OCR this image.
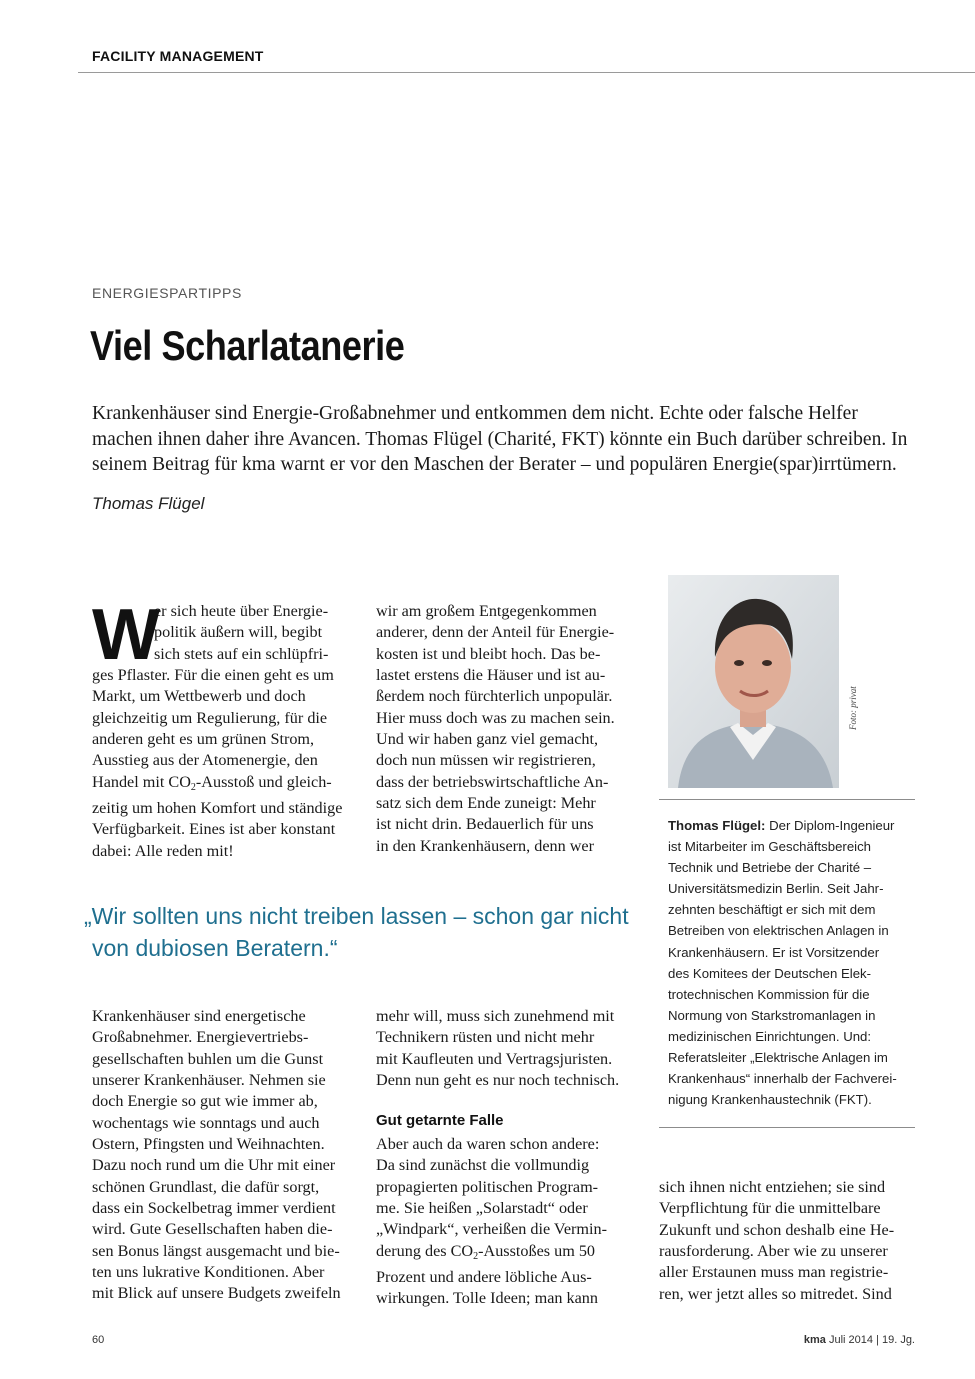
FACILITY MANAGEMENT
ENERGIESPARTIPPS
Viel Scharlatanerie
Krankenhäuser sind Energie-Großabnehmer und entkommen dem nicht. Echte oder falsche Helfer machen ihnen daher ihre Avancen. Thomas Flügel (Charité, FKT) könnte ein Buch darüber schreiben. In seinem Beitrag für kma warnt er vor den Maschen der Berater – und populären Energie(spar)irrtümern.
Thomas Flügel
W

er sich heute über Energie-

politik äußern will, begibt

sich stets auf ein schlüpfri-

ges Pflaster. Für die einen geht es um

Markt, um Wettbewerb und doch

gleichzeitig um Regulierung, für die

anderen geht es um grünen Strom,

Ausstieg aus der Atomenergie, den

Handel mit $CO_2$-Ausstoß und gleich-

zeitig um hohen Komfort und ständige

Verfügbarkeit. Eines ist aber konstant

dabei: Alle reden mit!

wir am großem Entgegenkommen

anderer, denn der Anteil für Energie-

kosten ist und bleibt hoch. Das be-

lastet erstens die Häuser und ist au-

ßerdem noch fürchterlich unpopulär.

Hier muss doch was zu machen sein.

Und wir haben ganz viel gemacht,

doch nun müssen wir registrieren,

dass der betriebswirtschaftliche An-

satz sich dem Ende zuneigt: Mehr

ist nicht drin. Bedauerlich für uns

in den Krankenhäusern, denn wer

„Wir sollten uns nicht treiben lassen – schon gar nicht

von dubiosen Beratern.“

Krankenhäuser sind energetische

Großabnehmer. Energievertriebs-

gesellschaften buhlen um die Gunst

unserer Krankenhäuser. Nehmen sie

doch Energie so gut wie immer ab,

wochentags wie sonntags und auch

Ostern, Pfingsten und Weihnachten.

Dazu noch rund um die Uhr mit einer

schönen Grundlast, die dafür sorgt,

dass ein Sockelbetrag immer verdient

wird. Gute Gesellschaften haben die-

sen Bonus längst ausgemacht und bie-

ten uns lukrative Konditionen. Aber

mit Blick auf unsere Budgets zweifeln

mehr will, muss sich zunehmend mit

Technikern rüsten und nicht mehr

mit Kaufleuten und Vertragsjuristen.

Denn nun geht es nur noch technisch.

Gut getarnte Falle

Aber auch da waren schon andere:

Da sind zunächst die vollmundig

propagierten politischen Program-

me. Sie heißen „Solarstadt“ oder

„Windpark“, verheißen die Vermin-

derung des $CO_2$-Ausstoßes um 50

Prozent und andere löbliche Aus-

wirkungen. Tolle Ideen; man kann

Foto: privat

Thomas Flügel: Der Diplom-Ingenieur

ist Mitarbeiter im Geschäftsbereich

Technik und Betriebe der Charité –

Universitätsmedizin Berlin. Seit Jahr-

zehnten beschäftigt er sich mit dem

Betreiben von elektrischen Anlagen in

Krankenhäusern. Er ist Vorsitzender

des Komitees der Deutschen Elek-

trotechnischen Kommission für die

Normung von Starkstromanlagen in

medizinischen Einrichtungen. Und:

Referatsleiter „Elektrische Anlagen im

Krankenhaus“ innerhalb der Fachverei-

nigung Krankenhaustechnik (FKT).

sich ihnen nicht entziehen; sie sind

Verpflichtung für die unmittelbare

Zukunft und schon deshalb eine He-

rausforderung. Aber wie zu unserer

aller Erstaunen muss man registrie-

ren, wer jetzt alles so mitredet. Sind

60	kma Juli 2014 | 19. Jg.
